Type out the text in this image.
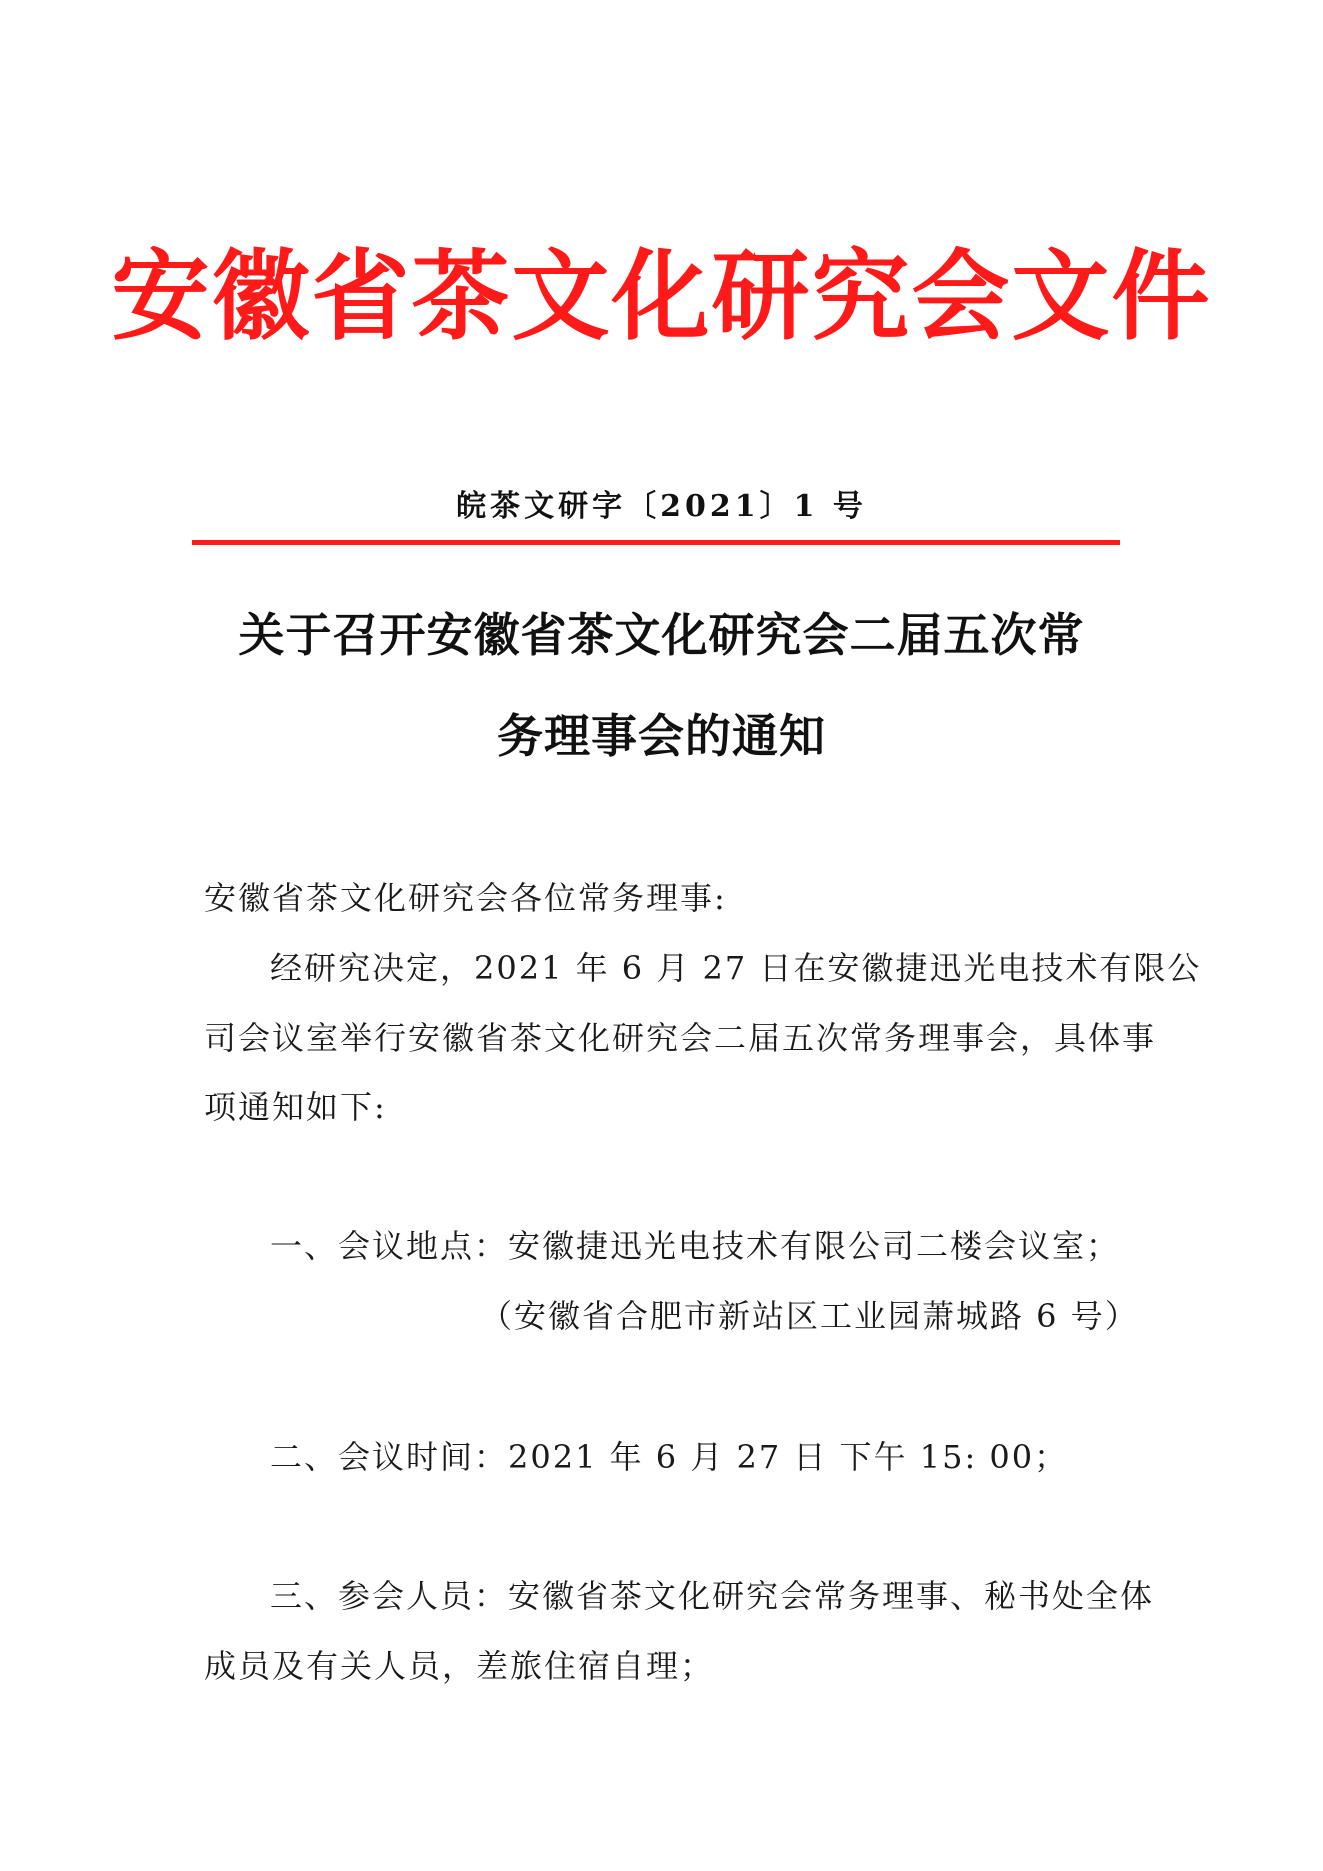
安徽省茶文化研究会文件
皖茶文研字〔2021〕1 号
关于召开安徽省茶文化研究会二届五次常
务理事会的通知
安徽省茶文化研究会各位常务理事:
经研究决定，2021 年 6 月 27 日在安徽捷迅光电技术有限公
司会议室举行安徽省茶文化研究会二届五次常务理事会，具体事
项通知如下:
一、会议地点：安徽捷迅光电技术有限公司二楼会议室；
（安徽省合肥市新站区工业园萧城路 6 号）
二、会议时间：2021 年 6 月 27 日 下午 15: 00；
三、参会人员：安徽省茶文化研究会常务理事、秘书处全体
成员及有关人员，差旅住宿自理；
